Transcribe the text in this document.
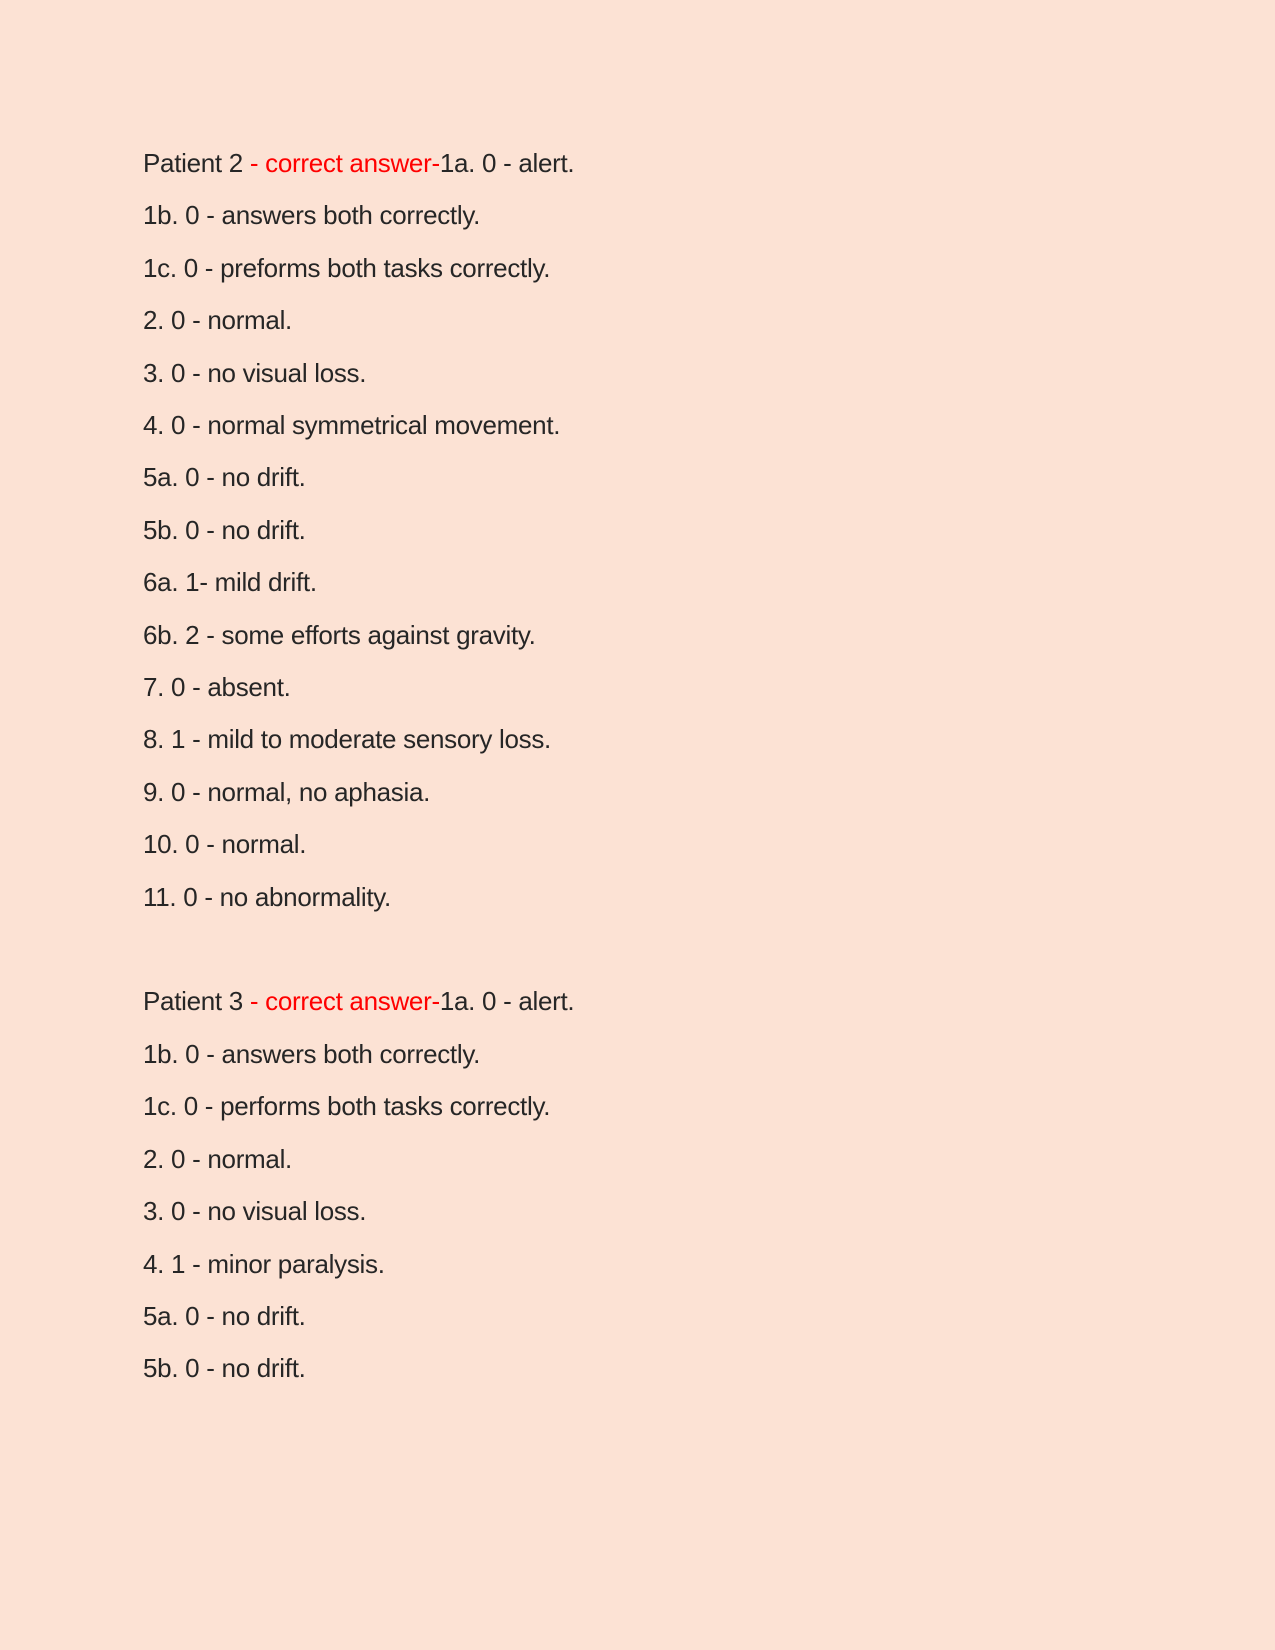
Patient 2 - correct answer-1a. 0 - alert.

1b. 0 - answers both correctly.

1c. 0 - preforms both tasks correctly.

2. 0 - normal.

3. 0 - no visual loss.

4. 0 - normal symmetrical movement.

5a. 0 - no drift.

5b. 0 - no drift.

6a. 1- mild drift.

6b. 2 - some efforts against gravity.

7. 0 - absent.

8. 1 - mild to moderate sensory loss.

9. 0 - normal, no aphasia.

10. 0 - normal.

11. 0 - no abnormality.

Patient 3 - correct answer-1a. 0 - alert.

1b. 0 - answers both correctly.

1c. 0 - performs both tasks correctly.

2. 0 - normal.

3. 0 - no visual loss.

4. 1 - minor paralysis.

5a. 0 - no drift.

5b. 0 - no drift.
